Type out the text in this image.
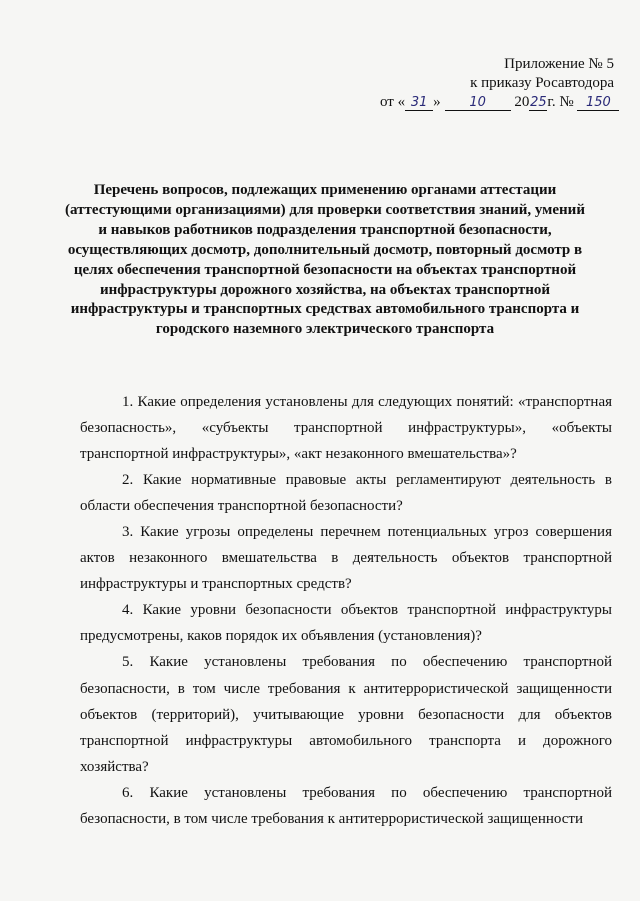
Приложение № 5
к приказу Росавтодора
от « 31 » 10 2025г. № 150

Перечень вопросов, подлежащих применению органами аттестации (аттестующими организациями) для проверки соответствия знаний, умений и навыков работников подразделения транспортной безопасности, осуществляющих досмотр, дополнительный досмотр, повторный досмотр в целях обеспечения транспортной безопасности на объектах транспортной инфраструктуры дорожного хозяйства, на объектах транспортной инфраструктуры и транспортных средствах автомобильного транспорта и городского наземного электрического транспорта

1. Какие определения установлены для следующих понятий: «транспортная безопасность», «субъекты транспортной инфраструктуры», «объекты транспортной инфраструктуры», «акт незаконного вмешательства»?

2. Какие нормативные правовые акты регламентируют деятельность в области обеспечения транспортной безопасности?

3. Какие угрозы определены перечнем потенциальных угроз совершения актов незаконного вмешательства в деятельность объектов транспортной инфраструктуры и транспортных средств?

4. Какие уровни безопасности объектов транспортной инфраструктуры предусмотрены, каков порядок их объявления (установления)?

5. Какие установлены требования по обеспечению транспортной безопасности, в том числе требования к антитеррористической защищенности объектов (территорий), учитывающие уровни безопасности для объектов транспортной инфраструктуры автомобильного транспорта и дорожного хозяйства?

6. Какие установлены требования по обеспечению транспортной безопасности, в том числе требования к антитеррористической защищенности
